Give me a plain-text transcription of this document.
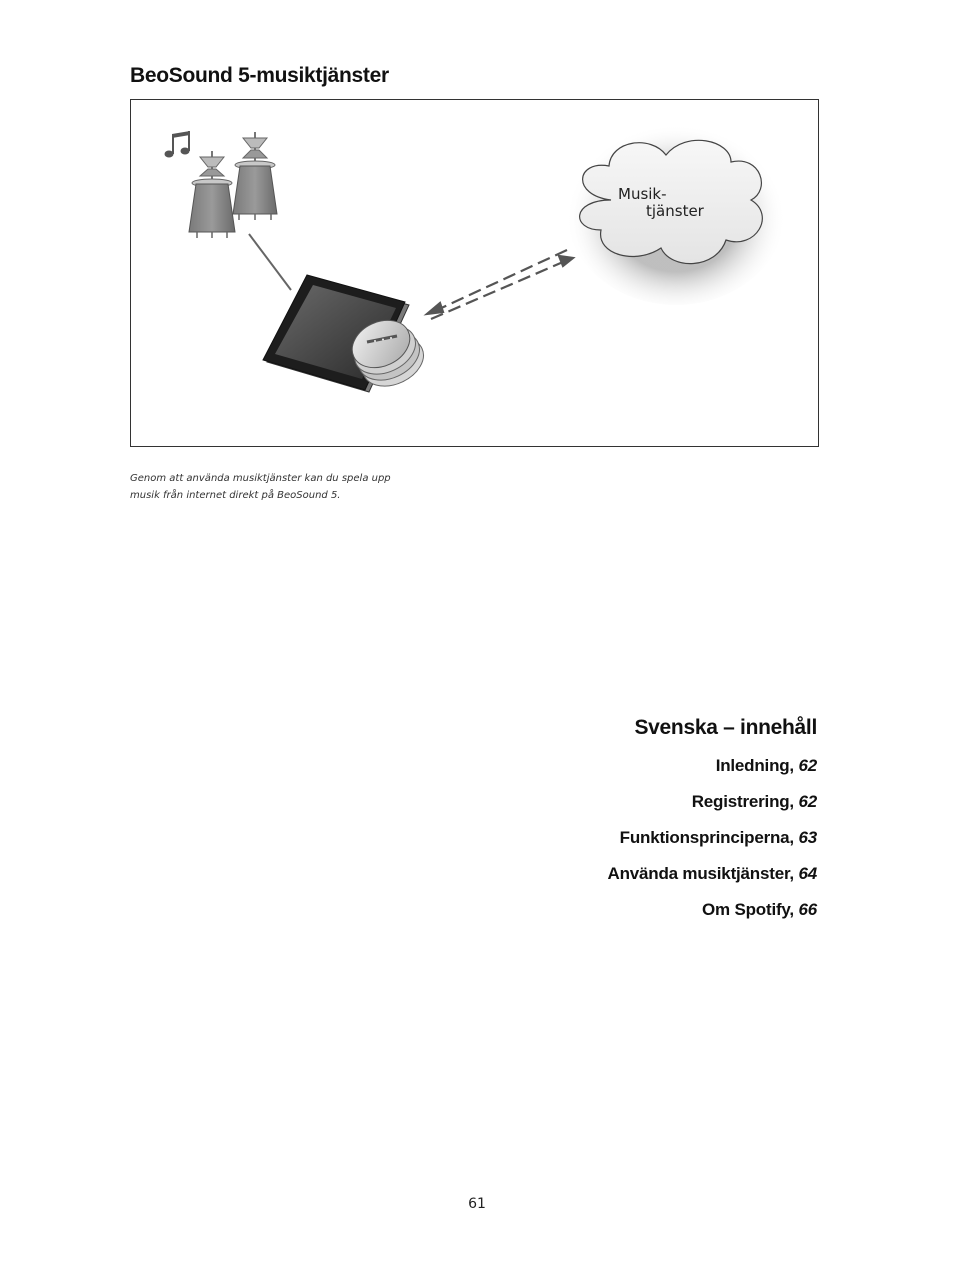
BeoSound 5-musiktjänster
Musik-
tjänster
Genom att använda musiktjänster kan du spela upp
musik från internet direkt på BeoSound 5.
Svenska – innehåll
Inledning, 62
Registrering, 62
Funktionsprinciperna, 63
Använda musiktjänster, 64
Om Spotify, 66
61
